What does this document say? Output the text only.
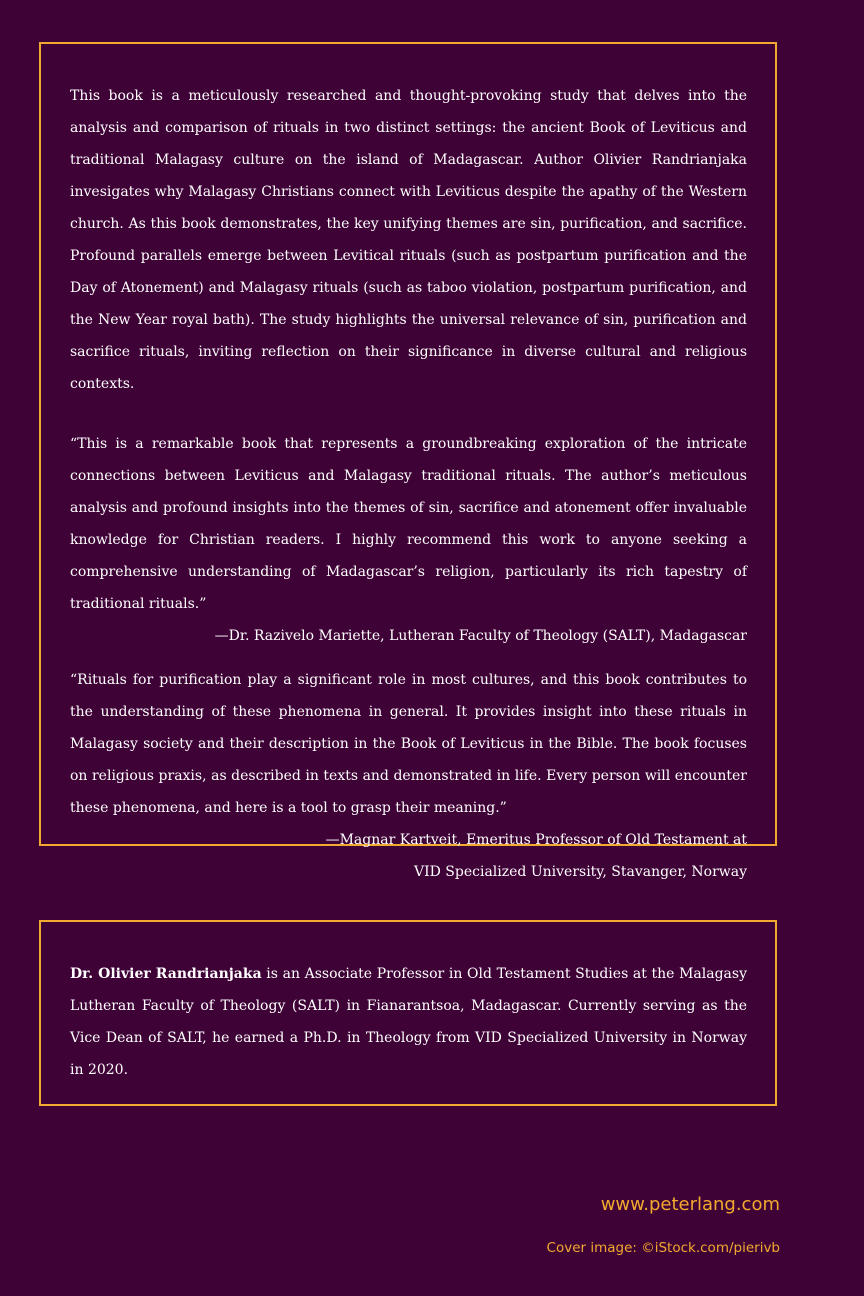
This book is a meticulously researched and thought-provoking study that delves into the analysis and comparison of rituals in two distinct settings: the ancient Book of Leviticus and traditional Malagasy culture on the island of Madagascar. Author Olivier Randrianjaka invesigates why Malagasy Christians connect with Leviticus despite the apathy of the Western church. As this book demonstrates, the key unifying themes are sin, purification, and sacrifice. Profound parallels emerge between Levitical rituals (such as postpartum purification and the Day of Atonement) and Malagasy rituals (such as taboo violation, postpartum purification, and the New Year royal bath). The study highlights the universal relevance of sin, purification and sacrifice rituals, inviting reflection on their significance in diverse cultural and religious contexts.

“This is a remarkable book that represents a groundbreaking exploration of the intricate connections between Leviticus and Malagasy traditional rituals. The author’s meticulous analysis and profound insights into the themes of sin, sacrifice and atonement offer invaluable knowledge for Christian readers. I highly recommend this work to anyone seeking a comprehensive understanding of Madagascar’s religion, particularly its rich tapestry of traditional rituals.”

—Dr. Razivelo Mariette, Lutheran Faculty of Theology (SALT), Madagascar

“Rituals for purification play a significant role in most cultures, and this book contributes to the understanding of these phenomena in general. It provides insight into these rituals in Malagasy society and their description in the Book of Leviticus in the Bible. The book focuses on religious praxis, as described in texts and demonstrated in life. Every person will encounter these phenomena, and here is a tool to grasp their meaning.”

—Magnar Kartveit, Emeritus Professor of Old Testament at
VID Specialized University, Stavanger, Norway

Dr. Olivier Randrianjaka is an Associate Professor in Old Testament Studies at the Malagasy Lutheran Faculty of Theology (SALT) in Fianarantsoa, Madagascar. Currently serving as the Vice Dean of SALT, he earned a Ph.D. in Theology from VID Specialized University in Norway in 2020.

www.peterlang.com
Cover image: ©iStock.com/pierivb
